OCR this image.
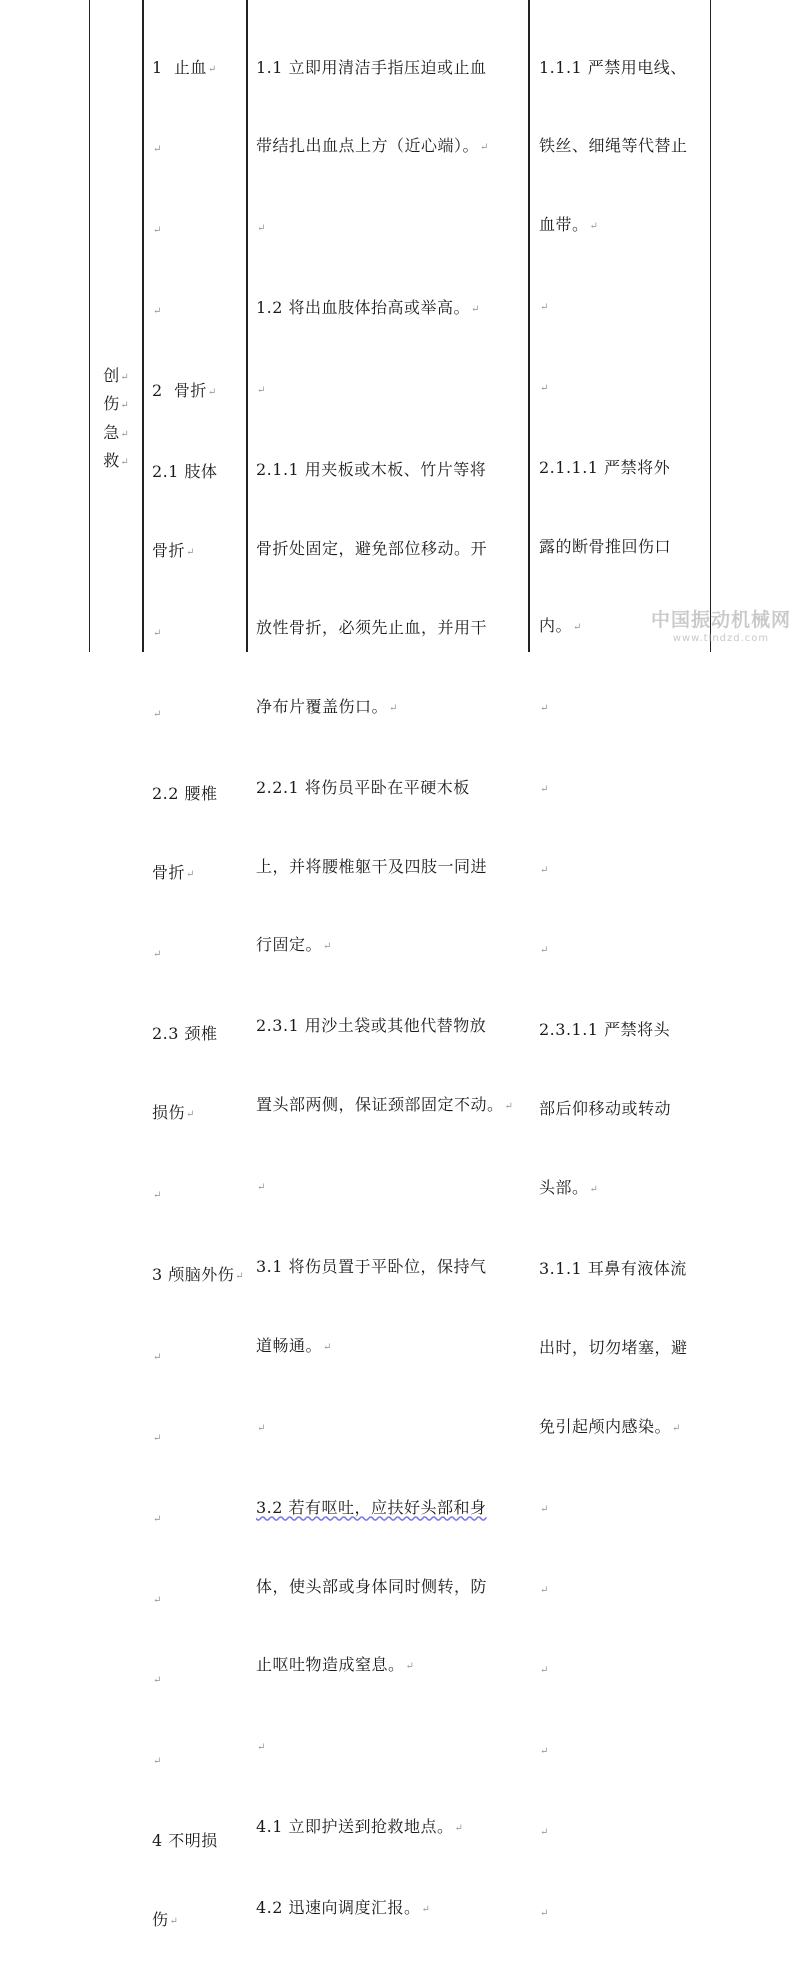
创↵
伤↵
急↵
救↵

1  止血↵

↵

↵

↵

2  骨折↵

2.1 肢体

骨折↵

↵

↵

2.2 腰椎

骨折↵

↵

2.3 颈椎

损伤↵

↵

3 颅脑外伤↵

↵

↵

↵

↵

↵

↵

4 不明损

伤↵

1.1 立即用清洁手指压迫或止血

带结扎出血点上方（近心端）。↵

↵

1.2 将出血肢体抬高或举高。↵

↵

2.1.1 用夹板或木板、竹片等将

骨折处固定，避免部位移动。开

放性骨折，必须先止血，并用干

净布片覆盖伤口。↵

2.2.1 将伤员平卧在平硬木板

上，并将腰椎躯干及四肢一同进

行固定。↵

2.3.1 用沙土袋或其他代替物放

置头部两侧，保证颈部固定不动。↵

↵

3.1 将伤员置于平卧位，保持气

道畅通。↵

↵

3.2 若有呕吐，应扶好头部和身

体，使头部或身体同时侧转，防

止呕吐物造成窒息。↵

↵

4.1 立即护送到抢救地点。↵

4.2 迅速向调度汇报。↵

1.1.1 严禁用电线、

铁丝、细绳等代替止

血带。↵

↵

↵

2.1.1.1 严禁将外

露的断骨推回伤口

内。↵

↵

↵

↵

↵

2.3.1.1 严禁将头

部后仰移动或转动

头部。↵

3.1.1 耳鼻有液体流

出时，切勿堵塞，避

免引起颅内感染。↵

↵

↵

↵

↵

↵

↵

中国振动机械网
www.tlndzd.com
